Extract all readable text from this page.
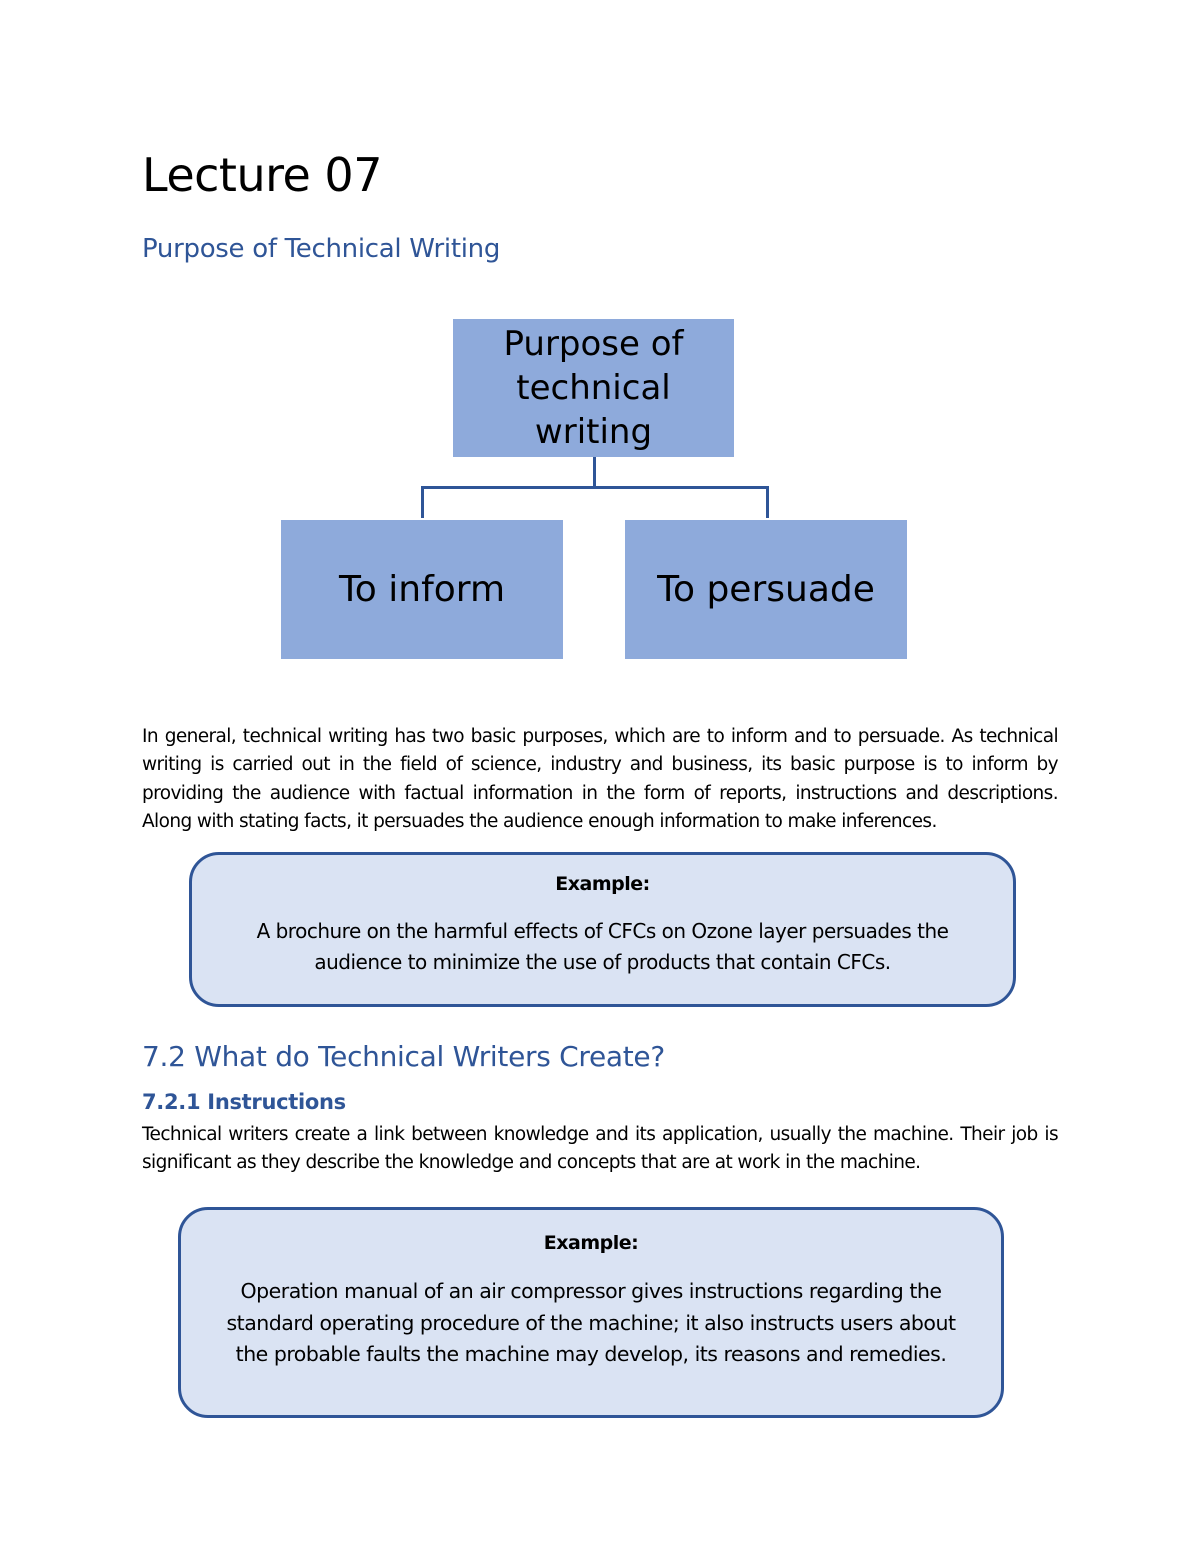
Lecture 07
Purpose of Technical Writing
Purpose of technical writing
To inform	To persuade

In general, technical writing has two basic purposes, which are to inform and to persuade. As technical writing is carried out in the field of science, industry and business, its basic purpose is to inform by providing the audience with factual information in the form of reports, instructions and descriptions. Along with stating facts, it persuades the audience enough information to make inferences.

Example:

A brochure on the harmful effects of CFCs on Ozone layer persuades the audience to minimize the use of products that contain CFCs.

7.2 What do Technical Writers Create?
7.2.1 Instructions

Technical writers create a link between knowledge and its application, usually the machine. Their job is significant as they describe the knowledge and concepts that are at work in the machine.

Example:

Operation manual of an air compressor gives instructions regarding the standard operating procedure of the machine; it also instructs users about the probable faults the machine may develop, its reasons and remedies.
